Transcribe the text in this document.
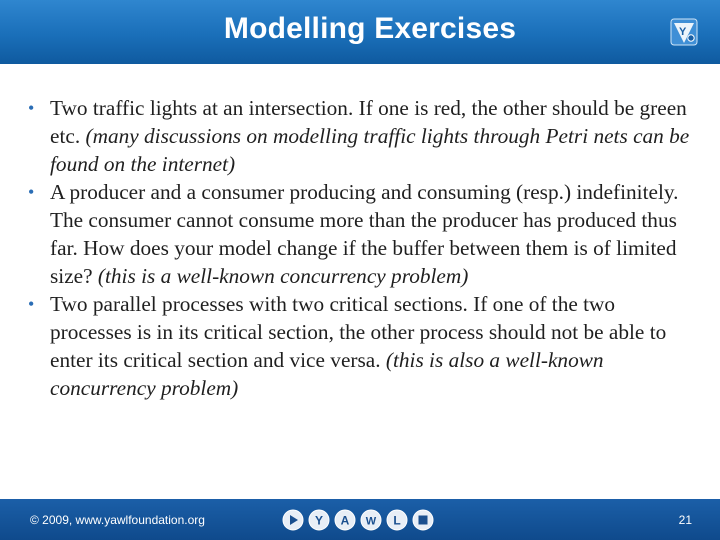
Modelling Exercises	Y
• Two traffic lights at an intersection. If one is red, the other should be green etc. (many discussions on modelling traffic lights through Petri nets can be found on the internet)
• A producer and a consumer producing and consuming (resp.) indefinitely. The consumer cannot consume more than the producer has produced thus far. How does your model change if the buffer between them is of limited size? (this is a well-known concurrency problem)
• Two parallel processes with two critical sections. If one of the two processes is in its critical section, the other process should not be able to enter its critical section and vice versa. (this is also a well-known concurrency problem)
© 2009, www.yawlfoundation.org	Y A W L	21
